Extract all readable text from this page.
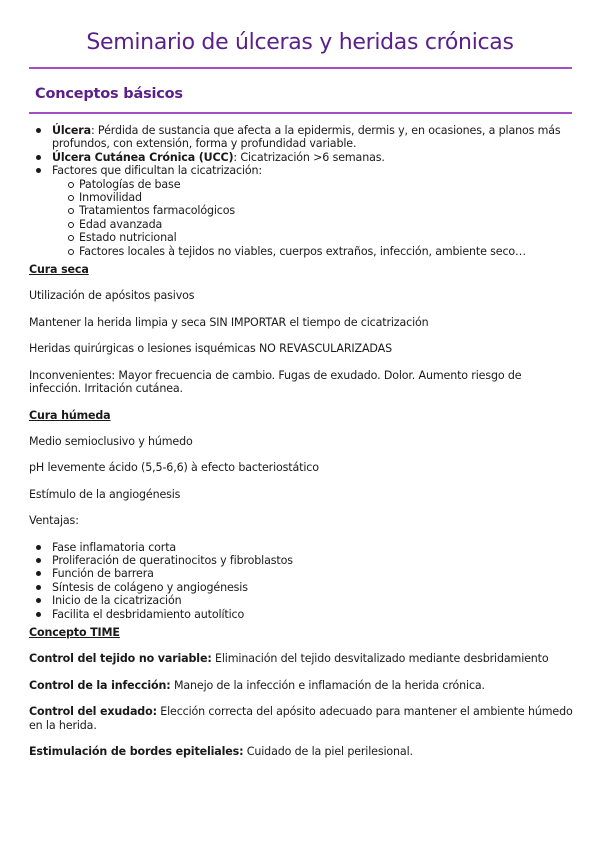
Seminario de úlceras y heridas crónicas
Conceptos básicos
Úlcera: Pérdida de sustancia que afecta a la epidermis, dermis y, en ocasiones, a planos más profundos, con extensión, forma y profundidad variable.
Úlcera Cutánea Crónica (UCC): Cicatrización >6 semanas.
Factores que dificultan la cicatrización:
Patologías de base
Inmovilidad
Tratamientos farmacológicos
Edad avanzada
Estado nutricional
Factores locales à tejidos no viables, cuerpos extraños, infección, ambiente seco…

Cura seca

Utilización de apósitos pasivos

Mantener la herida limpia y seca SIN IMPORTAR el tiempo de cicatrización

Heridas quirúrgicas o lesiones isquémicas NO REVASCULARIZADAS

Inconvenientes: Mayor frecuencia de cambio. Fugas de exudado. Dolor. Aumento riesgo de infección. Irritación cutánea.

Cura húmeda

Medio semioclusivo y húmedo

pH levemente ácido (5,5-6,6) à efecto bacteriostático

Estímulo de la angiogénesis

Ventajas:

Fase inflamatoria corta
Proliferación de queratinocitos y fibroblastos
Función de barrera
Síntesis de colágeno y angiogénesis
Inicio de la cicatrización
Facilita el desbridamiento autolítico

Concepto TIME

Control del tejido no variable: Eliminación del tejido desvitalizado mediante desbridamiento

Control de la infección: Manejo de la infección e inflamación de la herida crónica.

Control del exudado: Elección correcta del apósito adecuado para mantener el ambiente húmedo en la herida.

Estimulación de bordes epiteliales: Cuidado de la piel perilesional.
